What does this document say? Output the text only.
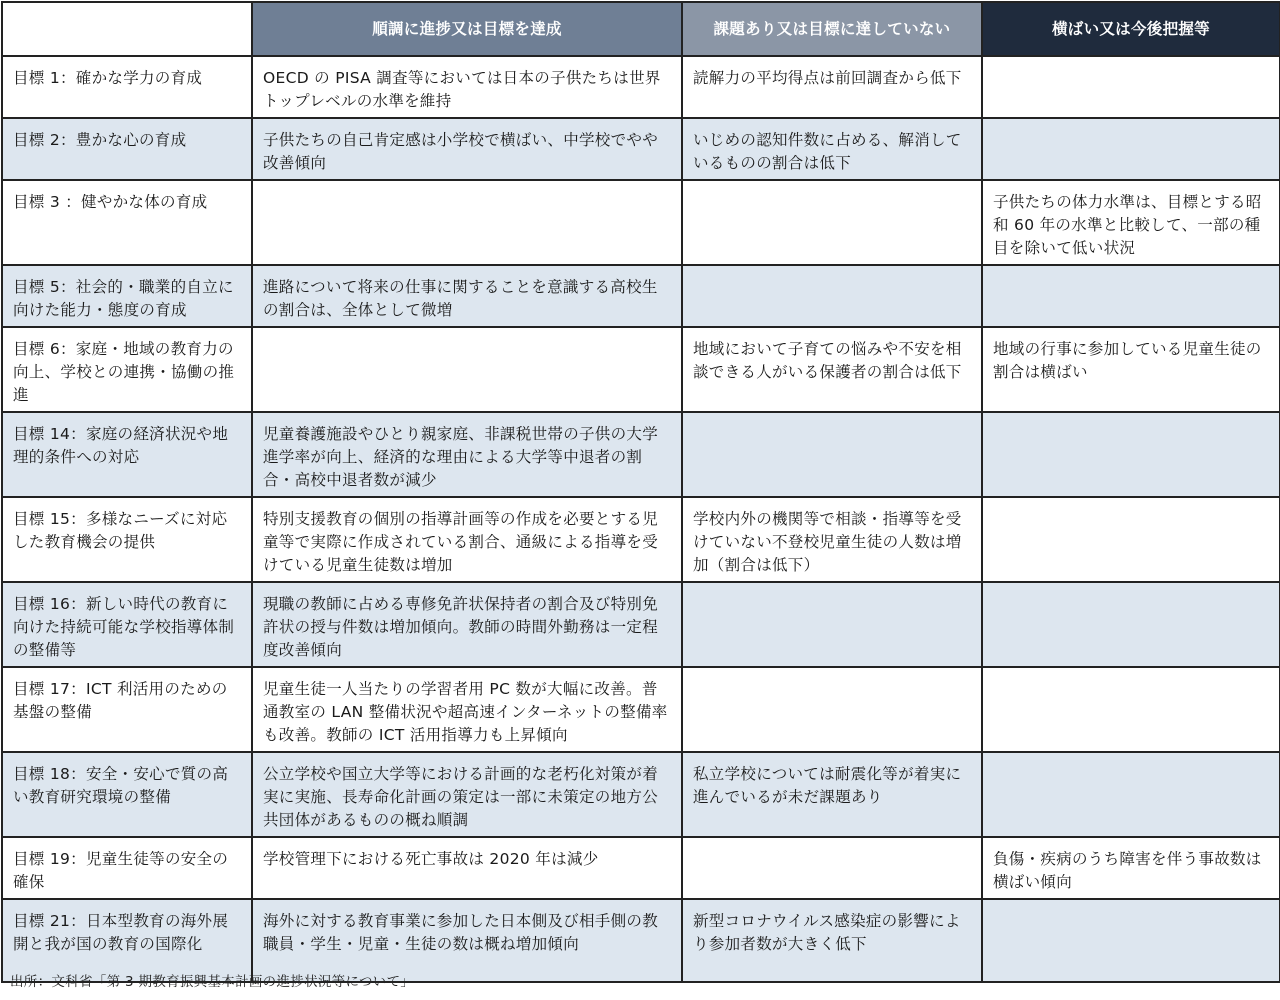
	順調に進捗又は目標を達成	課題あり又は目標に達していない	横ばい又は今後把握等
目標 1：確かな学力の育成	OECD の PISA 調査等においては日本の子供たちは世界トップレベルの水準を維持	読解力の平均得点は前回調査から低下	
目標 2：豊かな心の育成	子供たちの自己肯定感は小学校で横ばい、中学校でやや改善傾向	いじめの認知件数に占める、解消しているものの割合は低下	
目標 3 ：健やかな体の育成			子供たちの体力水準は、目標とする昭和 60 年の水準と比較して、一部の種目を除いて低い状況
目標 5：社会的・職業的自立に向けた能力・態度の育成	進路について将来の仕事に関することを意識する高校生の割合は、全体として微増		
目標 6：家庭・地域の教育力の向上、学校との連携・協働の推進		地域において子育ての悩みや不安を相談できる人がいる保護者の割合は低下	地域の行事に参加している児童生徒の割合は横ばい
目標 14：家庭の経済状況や地理的条件への対応	児童養護施設やひとり親家庭、非課税世帯の子供の大学進学率が向上、経済的な理由による大学等中退者の割合・高校中退者数が減少		
目標 15：多様なニーズに対応した教育機会の提供	特別支援教育の個別の指導計画等の作成を必要とする児童等で実際に作成されている割合、通級による指導を受けている児童生徒数は増加	学校内外の機関等で相談・指導等を受けていない不登校児童生徒の人数は増加（割合は低下）	
目標 16：新しい時代の教育に向けた持続可能な学校指導体制の整備等	現職の教師に占める専修免許状保持者の割合及び特別免許状の授与件数は増加傾向。教師の時間外勤務は一定程度改善傾向		
目標 17：ICT 利活用のための基盤の整備	児童生徒一人当たりの学習者用 PC 数が大幅に改善。普通教室の LAN 整備状況や超高速インターネットの整備率も改善。教師の ICT 活用指導力も上昇傾向		
目標 18：安全・安心で質の高い教育研究環境の整備	公立学校や国立大学等における計画的な老朽化対策が着実に実施、長寿命化計画の策定は一部に未策定の地方公共団体があるものの概ね順調	私立学校については耐震化等が着実に進んでいるが未だ課題あり	
目標 19：児童生徒等の安全の確保	学校管理下における死亡事故は 2020 年は減少		負傷・疾病のうち障害を伴う事故数は横ばい傾向
目標 21：日本型教育の海外展開と我が国の教育の国際化	海外に対する教育事業に参加した日本側及び相手側の教職員・学生・児童・生徒の数は概ね増加傾向	新型コロナウイルス感染症の影響により参加者数が大きく低下	
出所：文科省「第 3 期教育振興基本計画の進捗状況等について」
